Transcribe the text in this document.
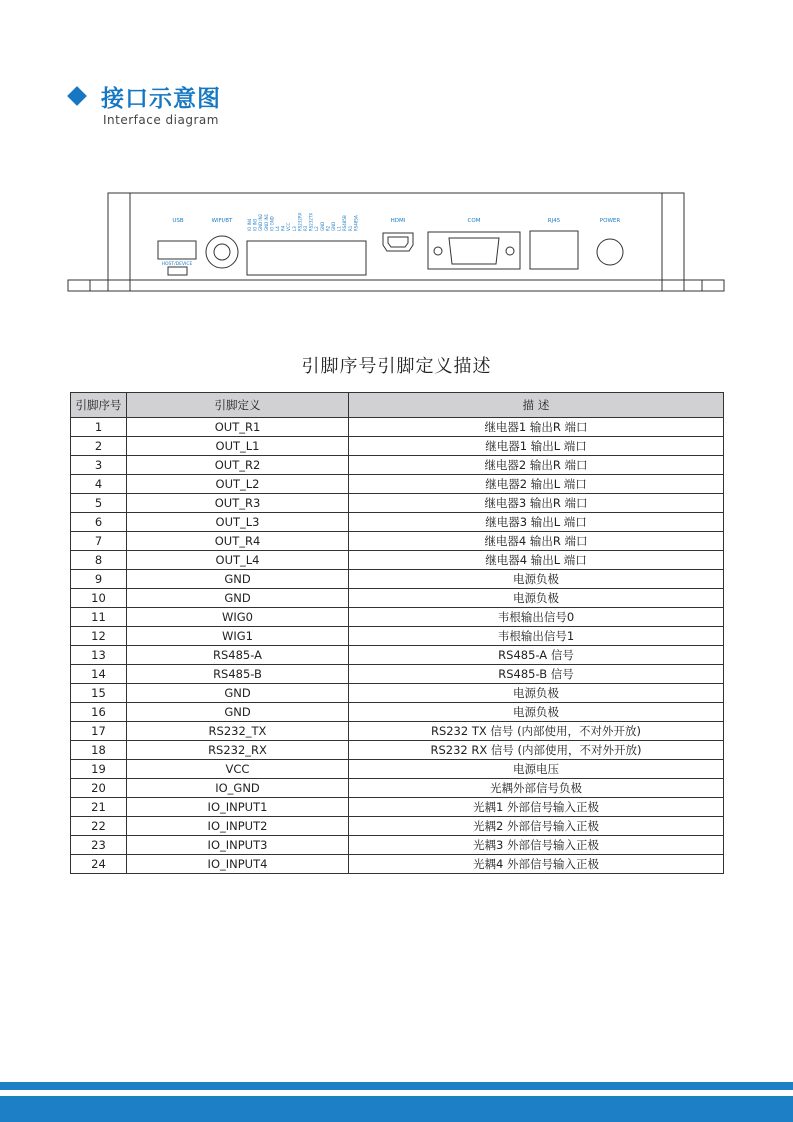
接口示意图
Interface diagram
USB	WIFI/BT	HDMI	COM	RJ45	POWER
HOST/DEVICE
IO IN4 IO IN3 GND IN2 GND IN1 IO GND L4 R4 VCC L3 RS232RX R3 RS232TX L2 GND R2 GND L1 RS485B R1 RS485A
引脚序号引脚定义描述
引脚序号	引脚定义	描 述
1	OUT_R1	继电器1 输出R 端口
2	OUT_L1	继电器1 输出L 端口
3	OUT_R2	继电器2 输出R 端口
4	OUT_L2	继电器2 输出L 端口
5	OUT_R3	继电器3 输出R 端口
6	OUT_L3	继电器3 输出L 端口
7	OUT_R4	继电器4 输出R 端口
8	OUT_L4	继电器4 输出L 端口
9	GND	电源负极
10	GND	电源负极
11	WIG0	韦根输出信号0
12	WIG1	韦根输出信号1
13	RS485-A	RS485-A 信号
14	RS485-B	RS485-B 信号
15	GND	电源负极
16	GND	电源负极
17	RS232_TX	RS232 TX 信号 (内部使用，不对外开放)
18	RS232_RX	RS232 RX 信号 (内部使用，不对外开放)
19	VCC	电源电压
20	IO_GND	光耦外部信号负极
21	IO_INPUT1	光耦1 外部信号输入正极
22	IO_INPUT2	光耦2 外部信号输入正极
23	IO_INPUT3	光耦3 外部信号输入正极
24	IO_INPUT4	光耦4 外部信号输入正极
